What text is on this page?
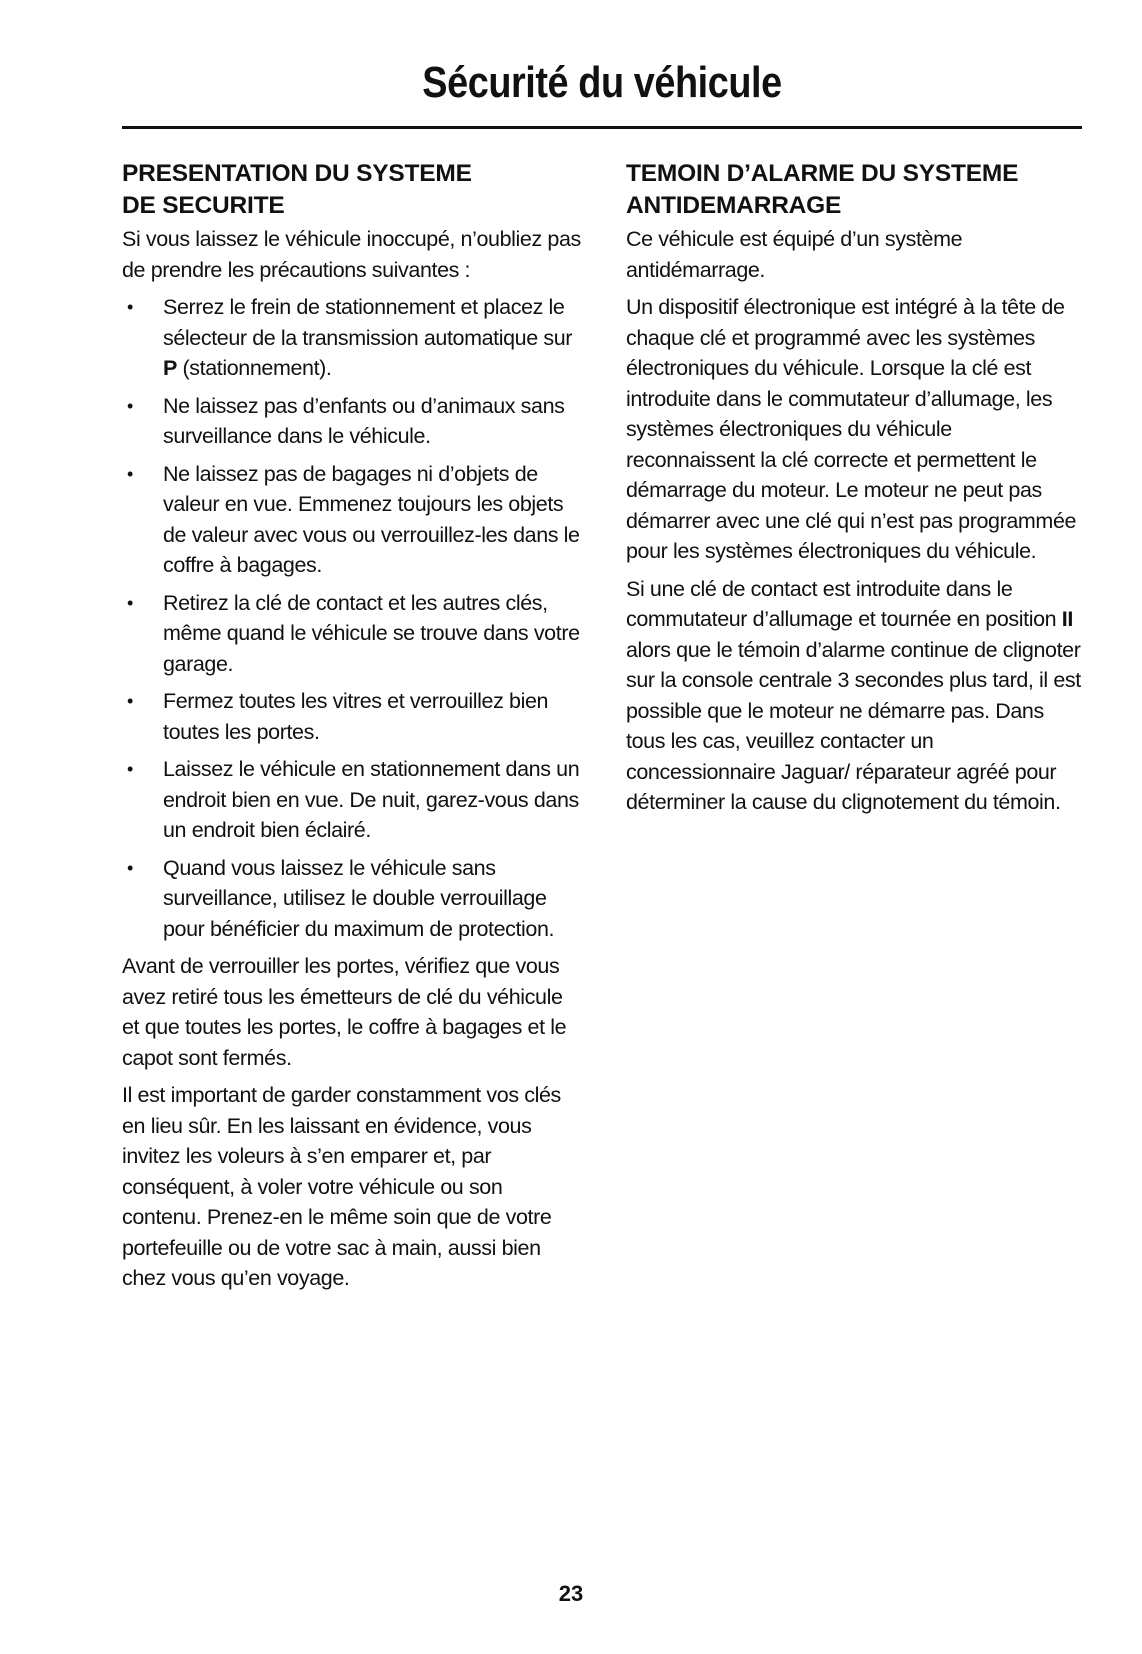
Sécurité du véhicule
PRESENTATION DU SYSTEME
DE SECURITE

Si vous laissez le véhicule inoccupé, n’oubliez pas de prendre les précautions suivantes :

• Serrez le frein de stationnement et placez le sélecteur de la transmission automatique sur P (stationnement).
• Ne laissez pas d’enfants ou d’animaux sans surveillance dans le véhicule.
• Ne laissez pas de bagages ni d’objets de valeur en vue. Emmenez toujours les objets de valeur avec vous ou verrouillez-les dans le coffre à bagages.
• Retirez la clé de contact et les autres clés, même quand le véhicule se trouve dans votre garage.
• Fermez toutes les vitres et verrouillez bien toutes les portes.
• Laissez le véhicule en stationnement dans un endroit bien en vue. De nuit, garez-vous dans un endroit bien éclairé.
• Quand vous laissez le véhicule sans surveillance, utilisez le double verrouillage pour bénéficier du maximum de protection.

Avant de verrouiller les portes, vérifiez que vous avez retiré tous les émetteurs de clé du véhicule et que toutes les portes, le coffre à bagages et le capot sont fermés.

Il est important de garder constamment vos clés en lieu sûr. En les laissant en évidence, vous invitez les voleurs à s’en emparer et, par conséquent, à voler votre véhicule ou son contenu. Prenez-en le même soin que de votre portefeuille ou de votre sac à main, aussi bien chez vous qu’en voyage.

TEMOIN D’ALARME DU SYSTEME
ANTIDEMARRAGE

Ce véhicule est équipé d’un système antidémarrage.

Un dispositif électronique est intégré à la tête de chaque clé et programmé avec les systèmes électroniques du véhicule. Lorsque la clé est introduite dans le commutateur d’allumage, les systèmes électroniques du véhicule reconnaissent la clé correcte et permettent le démarrage du moteur. Le moteur ne peut pas démarrer avec une clé qui n’est pas programmée pour les systèmes électroniques du véhicule.

Si une clé de contact est introduite dans le commutateur d’allumage et tournée en position II alors que le témoin d’alarme continue de clignoter sur la console centrale 3 secondes plus tard, il est possible que le moteur ne démarre pas. Dans tous les cas, veuillez contacter un concessionnaire Jaguar/ réparateur agréé pour déterminer la cause du clignotement du témoin.

23
